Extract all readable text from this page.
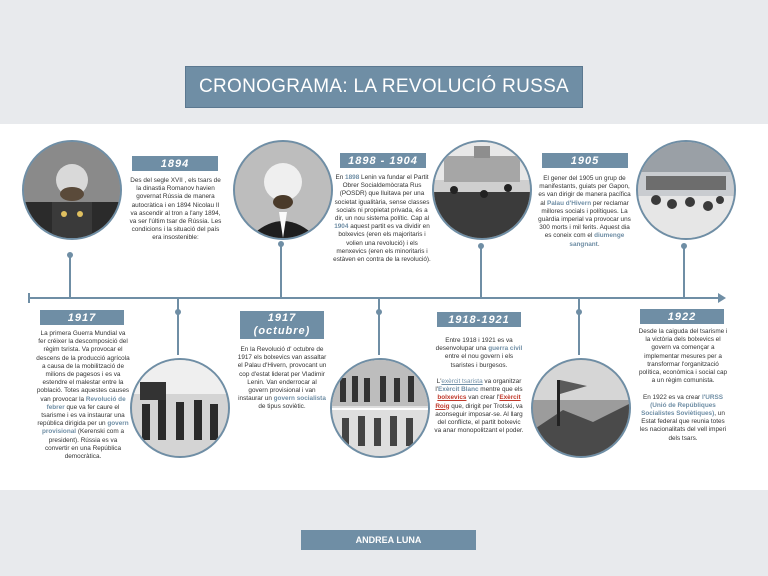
CRONOGRAMA: LA REVOLUCIÓ RUSSA
1894
Des del segle XVII , els tsars de la dinastia Romanov havien governat Rússia de manera autocràtica i en 1894 Nicolau II va ascendir al tron a l'any 1894, va ser l'últim tsar de Rússia. Les condicions i la situació del país era insostenible:
1898 - 1904
En 1898 Lenin va fundar el Partit Obrer Socialdemòcrata Rus (POSDR) que lluitava per una societat igualitària, sense classes socials ni propietat privada, és a dir, un nou sistema polític. Cap al 1904 aquest partit es va dividir en bolxevics (eren els majoritaris i volien una revolució) i els menxevics (eren els minoritaris i estàven en contra de la revolució).
1905
El gener del 1905 un grup de manifestants, guiats per Gapon, es van dirigir de manera pacífica al Palau d'Hivern per reclamar millores socials i polítiques. La guàrdia imperial va provocar uns 300 morts i mil ferits. Aquest dia es coneix com el diumenge sangnant.
1917
La primera Guerra Mundial va fer créixer la descomposició del règim tsrista. Va provocar el descens de la producció agrícola a causa de la mobilització de milions de pagesos i es va estendre el malestar entre la població. Totes aquestes causes van provocar la Revolució de febrer que va fer caure el tsarisme i es va instaurar una república dirigida per un govern provisional (Kerenski com a president). Rússia es va convertir en una República democràtica.
1917
(octubre)
En la Revolució d' octubre de 1917 els bolxevics van assaltar el Palau d'Hivern, provocant un cop d'estat liderat per Vladimir Lenin. Van enderrocar al govern provisional i van instaurar un govern socialista de tipus soviètic.
1918-1921
Entre 1918 i 1921 es va desenvolupar una guerra civil entre el nou govern i els tsaristes i burgesos.

L'exèrcit tsarista va organitzar l'Exèrcit Blanc mentre que els bolxevics van crear l'Exèrcit Roig que, dirigit per Trotski, va aconseguir imposar-se. Al llarg del conflicte, el partit bolxevic va anar monopolitzant el poder.
1922
Desde la caiguda del tsarisme i la victòria dels bolxevics el govern va començar a implementar mesures per a transformar l'organització política, econòmica i social cap a un règim comunista.

En 1922 es va crear l'URSS (Unió de Repúbliques Socialistes Soviètiques), un Estat federal que reunia totes les nacionalitats del vell imperi dels tsars.
ANDREA LUNA
